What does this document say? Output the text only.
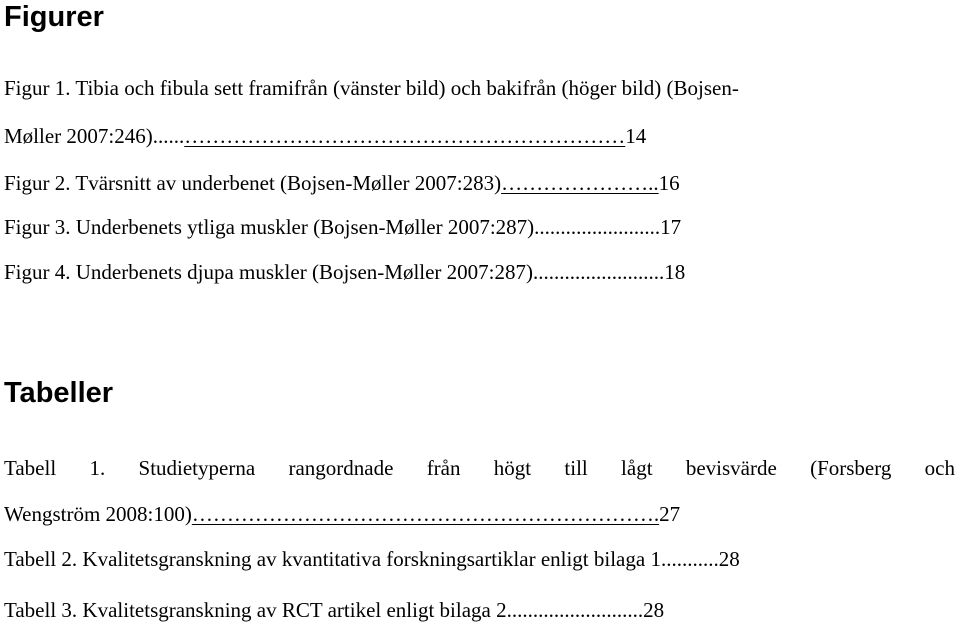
Figurer
Figur 1. Tibia och fibula sett framifrån (vänster bild) och bakifrån (höger bild) (Bojsen-
Møller 2007:246)......………………………………………………………14
Figur 2. Tvärsnitt av underbenet (Bojsen-Møller 2007:283)…………………..16
Figur 3. Underbenets ytliga muskler (Bojsen-Møller 2007:287)........................17
Figur 4. Underbenets djupa muskler (Bojsen-Møller 2007:287).........................18
Tabeller
Tabell 1. Studietyperna rangordnade från högt till lågt bevisvärde (Forsberg och
Wengström 2008:100)………………………………………………………….27
Tabell 2. Kvalitetsgranskning av kvantitativa forskningsartiklar enligt bilaga 1...........28
Tabell 3. Kvalitetsgranskning av RCT artikel enligt bilaga 2..........................28
